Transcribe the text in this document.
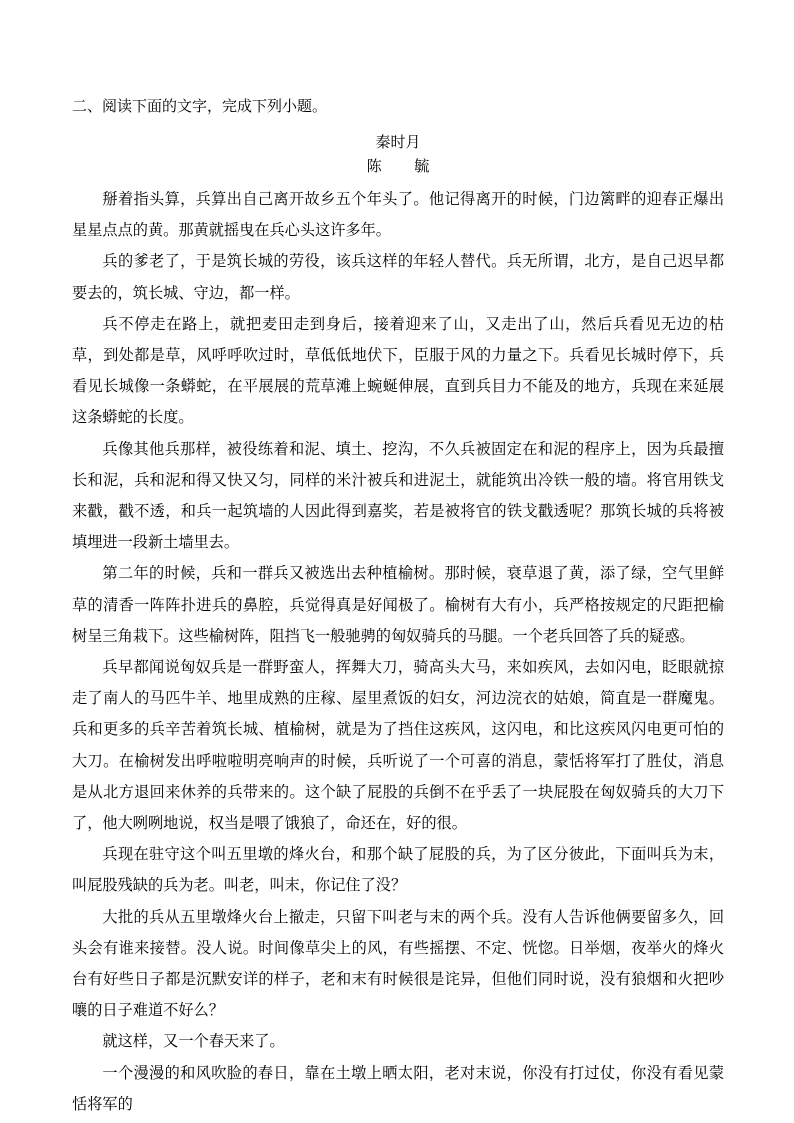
二、阅读下面的文字，完成下列小题。

秦时月

陈 毓

掰着指头算，兵算出自己离开故乡五个年头了。他记得离开的时候，门边篱畔的迎春正爆出星星点点的黄。那黄就摇曳在兵心头这许多年。

兵的爹老了，于是筑长城的劳役，该兵这样的年轻人替代。兵无所谓，北方，是自己迟早都要去的，筑长城、守边，都一样。

兵不停走在路上，就把麦田走到身后，接着迎来了山，又走出了山，然后兵看见无边的枯草，到处都是草，风呼呼吹过时，草低低地伏下，臣服于风的力量之下。兵看见长城时停下，兵看见长城像一条蟒蛇，在平展展的荒草滩上蜿蜒伸展，直到兵目力不能及的地方，兵现在来延展这条蟒蛇的长度。

兵像其他兵那样，被役练着和泥、填土、挖沟，不久兵被固定在和泥的程序上，因为兵最擅长和泥，兵和泥和得又快又匀，同样的米汁被兵和进泥土，就能筑出冷铁一般的墙。将官用铁戈来戳，戳不透，和兵一起筑墙的人因此得到嘉奖，若是被将官的铁戈戳透呢？那筑长城的兵将被填埋进一段新土墙里去。

第二年的时候，兵和一群兵又被选出去种植榆树。那时候，衰草退了黄，添了绿，空气里鲜草的清香一阵阵扑进兵的鼻腔，兵觉得真是好闻极了。榆树有大有小，兵严格按规定的尺距把榆树呈三角栽下。这些榆树阵，阻挡飞一般驰骋的匈奴骑兵的马腿。一个老兵回答了兵的疑惑。

兵早都闻说匈奴兵是一群野蛮人，挥舞大刀，骑高头大马，来如疾风，去如闪电，眨眼就掠走了南人的马匹牛羊、地里成熟的庄稼、屋里煮饭的妇女，河边浣衣的姑娘，简直是一群魔鬼。兵和更多的兵辛苦着筑长城、植榆树，就是为了挡住这疾风，这闪电，和比这疾风闪电更可怕的大刀。在榆树发出呼啦啦明亮响声的时候，兵听说了一个可喜的消息，蒙恬将军打了胜仗，消息是从北方退回来休养的兵带来的。这个缺了屁股的兵倒不在乎丢了一块屁股在匈奴骑兵的大刀下了，他大咧咧地说，权当是喂了饿狼了，命还在，好的很。

兵现在驻守这个叫五里墩的烽火台，和那个缺了屁股的兵，为了区分彼此，下面叫兵为末，叫屁股残缺的兵为老。叫老，叫末，你记住了没？

大批的兵从五里墩烽火台上撤走，只留下叫老与末的两个兵。没有人告诉他俩要留多久，回头会有谁来接替。没人说。时间像草尖上的风，有些摇摆、不定、恍惚。日举烟，夜举火的烽火台有好些日子都是沉默安详的样子，老和末有时候很是诧异，但他们同时说，没有狼烟和火把吵嚷的日子难道不好么？

就这样，又一个春天来了。

一个漫漫的和风吹脸的春日，靠在土墩上晒太阳，老对末说，你没有打过仗，你没有看见蒙恬将军的
